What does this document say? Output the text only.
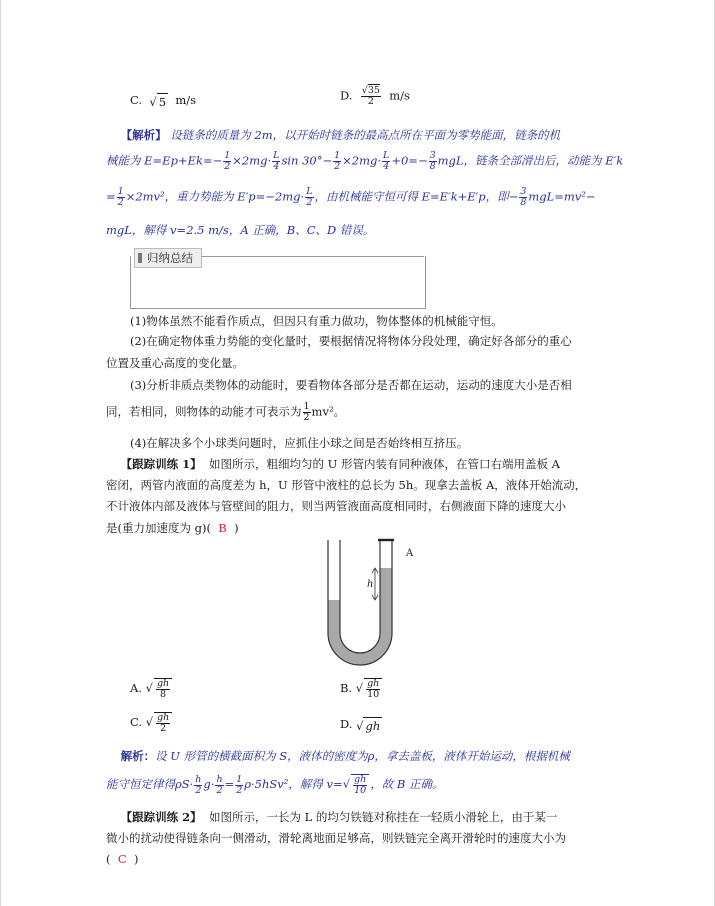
C. √ 5 m/s	D. $\frac{√35}{2} m/s$
【解析】 设链条的质量为 2m，以开始时链条的最高点所在平面为零势能面，链条的机
械能为 $E=Ep+Ek=- \frac{1}{2} \times 2mg\cdot \frac{L}{4}$ $\sin 30^\circ- \frac{1}{2} \times 2mg\cdot \frac{L}{4} +0=- \frac{3}{8}$ mgL，链条全部滑出后，动能为 E′k
= $\frac{1}{2} \times 2mv^2$，重力势能为 $E'p=-2mg\cdot \frac{L}{2}$ ，由机械能守恒可得 E=E′k+E′p，即− $\frac{3}{8} mgL=mv^2-$
mgL，解得 v=2.5 m/s，A 正确，B、C、D 错误。
归纳总结
(1)物体虽然不能看作质点，但因只有重力做功，物体整体的机械能守恒。
(2)在确定物体重力势能的变化量时，要根据情况将物体分段处理，确定好各部分的重心
位置及重心高度的变化量。
(3)分析非质点类物体的动能时，要看物体各部分是否都在运动，运动的速度大小是否相
同，若相同，则物体的动能才可表示为 $\frac{1}{2} mv^2$。
(4)在解决多个小球类问题时，应抓住小球之间是否始终相互挤压。
【跟踪训练 1】 如图所示，粗细均匀的 U 形管内装有同种液体，在管口右端用盖板 A
密闭，两管内液面的高度差为 h，U 形管中液柱的总长为 5h。现拿去盖板 A，液体开始流动，
不计液体内部及液体与管壁间的阻力，则当两管液面高度相同时，右侧液面下降的速度大小
是(重力加速度为 g)( B )
A
h
A. √ $\frac{gh}{8}$	B. √ $\frac{gh}{10}$
C. √ $\frac{gh}{2}$	D. √ gh
解析：设 U 形管的横截面积为 S，液体的密度为ρ，拿去盖板，液体开始运动，根据机械
能守恒定律得$\rho S\cdot \frac{h}{2} g\cdot \frac{h}{2} = \frac{1}{2} \rho\cdot 5hSv^2$，解得 $v=√ \frac{gh}{10}$ ，故 B 正确。
【跟踪训练 2】 如图所示，一长为 L 的均匀铁链对称挂在一轻质小滑轮上，由于某一
微小的扰动使得链条向一侧滑动，滑轮离地面足够高，则铁链完全离开滑轮时的速度大小为
( C )
